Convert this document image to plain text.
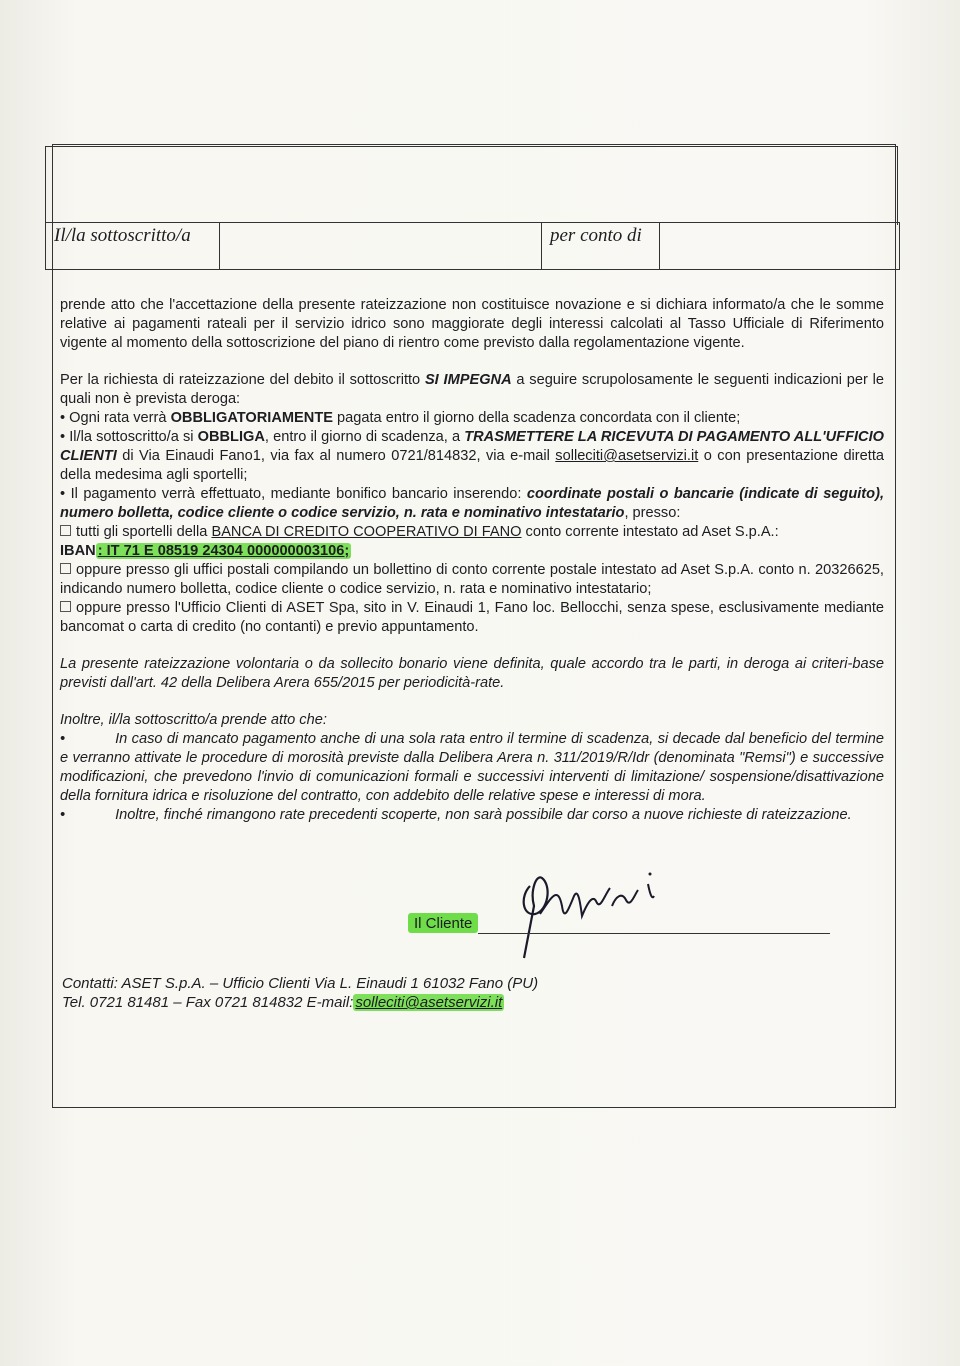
Il/la sottoscritto/a	per conto di

prende atto che l'accettazione della presente rateizzazione non costituisce novazione e si dichiara informato/a che le somme relative ai pagamenti rateali per il servizio idrico sono maggiorate degli interessi calcolati al Tasso Ufficiale di Riferimento vigente al momento della sottoscrizione del piano di rientro come previsto dalla regolamentazione vigente.

Per la richiesta di rateizzazione del debito il sottoscritto SI IMPEGNA a seguire scrupolosamente le seguenti indicazioni per le quali non è prevista deroga:

• Ogni rata verrà OBBLIGATORIAMENTE pagata entro il giorno della scadenza concordata con il cliente;

• Il/la sottoscritto/a si OBBLIGA, entro il giorno di scadenza, a TRASMETTERE LA RICEVUTA DI PAGAMENTO ALL'UFFICIO CLIENTI di Via Einaudi Fano1, via fax al numero 0721/814832, via e-mail solleciti@asetservizi.it o con presentazione diretta della medesima agli sportelli;

• Il pagamento verrà effettuato, mediante bonifico bancario inserendo: coordinate postali o bancarie (indicate di seguito), numero bolletta, codice cliente o codice servizio, n. rata e nominativo intestatario, presso:

tutti gli sportelli della BANCA DI CREDITO COOPERATIVO DI FANO conto corrente intestato ad Aset S.p.A.:
IBAN : IT 71 E 08519 24304 000000003106;

oppure presso gli uffici postali compilando un bollettino di conto corrente postale intestato ad Aset S.p.A. conto n. 20326625, indicando numero bolletta, codice cliente o codice servizio, n. rata e nominativo intestatario;

oppure presso l'Ufficio Clienti di ASET Spa, sito in V. Einaudi 1, Fano loc. Bellocchi, senza spese, esclusivamente mediante bancomat o carta di credito (no contanti) e previo appuntamento.

La presente rateizzazione volontaria o da sollecito bonario viene definita, quale accordo tra le parti, in deroga ai criteri-base previsti dall'art. 42 della Delibera Arera 655/2015 per periodicità-rate.

Inoltre, il/la sottoscritto/a prende atto che:

•	In caso di mancato pagamento anche di una sola rata entro il termine di scadenza, si decade dal beneficio del termine e verranno attivate le procedure di morosità previste dalla Delibera Arera n. 311/2019/R/Idr (denominata "Remsi") e successive modificazioni, che prevedono l'invio di comunicazioni formali e successivi interventi di limitazione/ sospensione/disattivazione della fornitura idrica e risoluzione del contratto, con addebito delle relative spese e interessi di mora.

•	Inoltre, finché rimangono rate precedenti scoperte, non sarà possibile dar corso a nuove richieste di rateizzazione.

Il Cliente
Contatti: ASET S.p.A. – Ufficio Clienti Via L. Einaudi 1 61032 Fano (PU)
Tel. 0721 81481 – Fax 0721 814832 E-mail: solleciti@asetservizi.it
